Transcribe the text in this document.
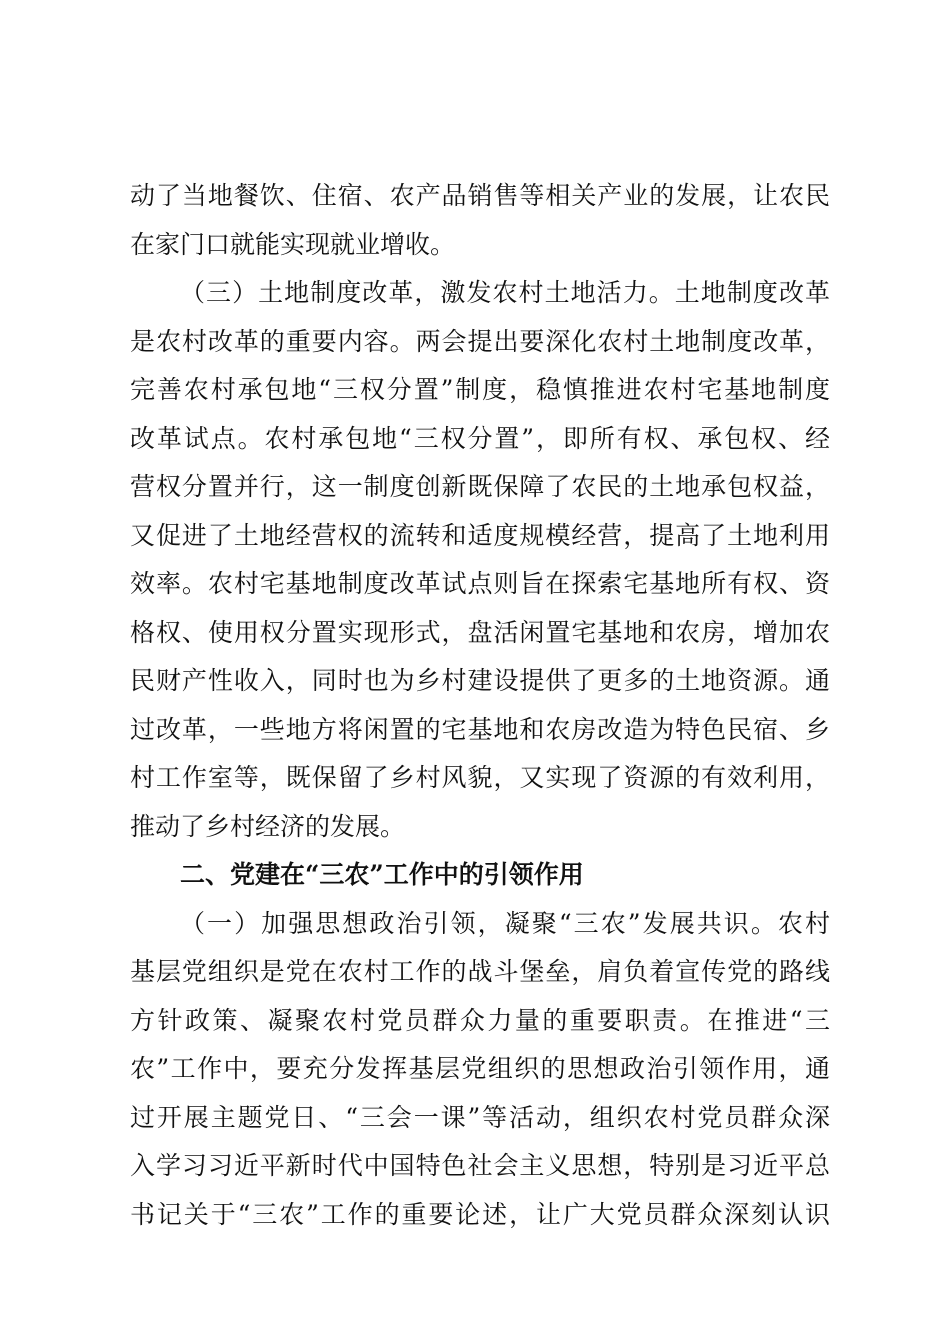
动了当地餐饮、住宿、农产品销售等相关产业的发展，让农民
在家门口就能实现就业增收。
（三）土地制度改革，激发农村土地活力。土地制度改革
是农村改革的重要内容。两会提出要深化农村土地制度改革，
完善农村承包地“三权分置”制度，稳慎推进农村宅基地制度
改革试点。农村承包地“三权分置”，即所有权、承包权、经
营权分置并行，这一制度创新既保障了农民的土地承包权益，
又促进了土地经营权的流转和适度规模经营，提高了土地利用
效率。农村宅基地制度改革试点则旨在探索宅基地所有权、资
格权、使用权分置实现形式，盘活闲置宅基地和农房，增加农
民财产性收入，同时也为乡村建设提供了更多的土地资源。通
过改革，一些地方将闲置的宅基地和农房改造为特色民宿、乡
村工作室等，既保留了乡村风貌，又实现了资源的有效利用，
推动了乡村经济的发展。
二、党建在“三农”工作中的引领作用
（一）加强思想政治引领，凝聚“三农”发展共识。农村
基层党组织是党在农村工作的战斗堡垒，肩负着宣传党的路线
方针政策、凝聚农村党员群众力量的重要职责。在推进“三
农”工作中，要充分发挥基层党组织的思想政治引领作用，通
过开展主题党日、“三会一课”等活动，组织农村党员群众深
入学习习近平新时代中国特色社会主义思想，特别是习近平总
书记关于“三农”工作的重要论述，让广大党员群众深刻认识
